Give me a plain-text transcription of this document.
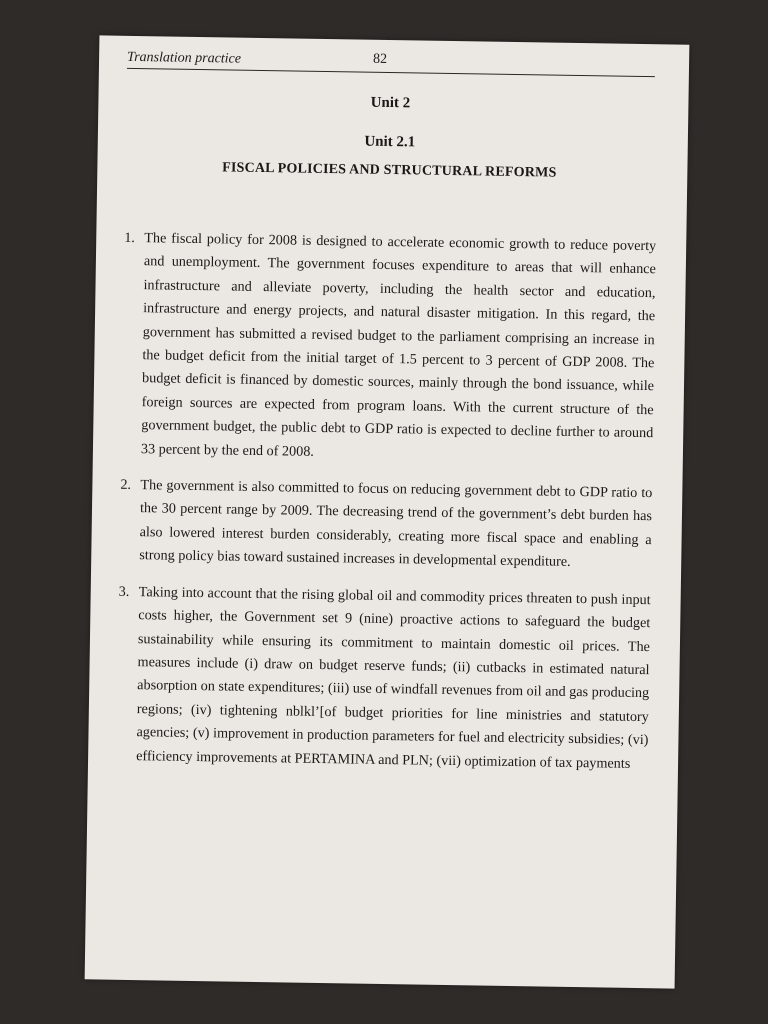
Translation practice	82
Unit 2
Unit 2.1
FISCAL POLICIES AND STRUCTURAL REFORMS
1. The fiscal policy for 2008 is designed to accelerate economic growth to reduce poverty and unemployment. The government focuses expenditure to areas that will enhance infrastructure and alleviate poverty, including the health sector and education, infrastructure and energy projects, and natural disaster mitigation. In this regard, the government has submitted a revised budget to the parliament comprising an increase in the budget deficit from the initial target of 1.5 percent to 3 percent of GDP 2008. The budget deficit is financed by domestic sources, mainly through the bond issuance, while foreign sources are expected from program loans. With the current structure of the government budget, the public debt to GDP ratio is expected to decline further to around 33 percent by the end of 2008.
2. The government is also committed to focus on reducing government debt to GDP ratio to the 30 percent range by 2009. The decreasing trend of the government’s debt burden has also lowered interest burden considerably, creating more fiscal space and enabling a strong policy bias toward sustained increases in developmental expenditure.
3. Taking into account that the rising global oil and commodity prices threaten to push input costs higher, the Government set 9 (nine) proactive actions to safeguard the budget sustainability while ensuring its commitment to maintain domestic oil prices. The measures include (i) draw on budget reserve funds; (ii) cutbacks in estimated natural absorption on state expenditures; (iii) use of windfall revenues from oil and gas producing regions; (iv) tightening nblkl’[of budget priorities for line ministries and statutory agencies; (v) improvement in production parameters for fuel and electricity subsidies; (vi) efficiency improvements at PERTAMINA and PLN; (vii) optimization of tax payments
